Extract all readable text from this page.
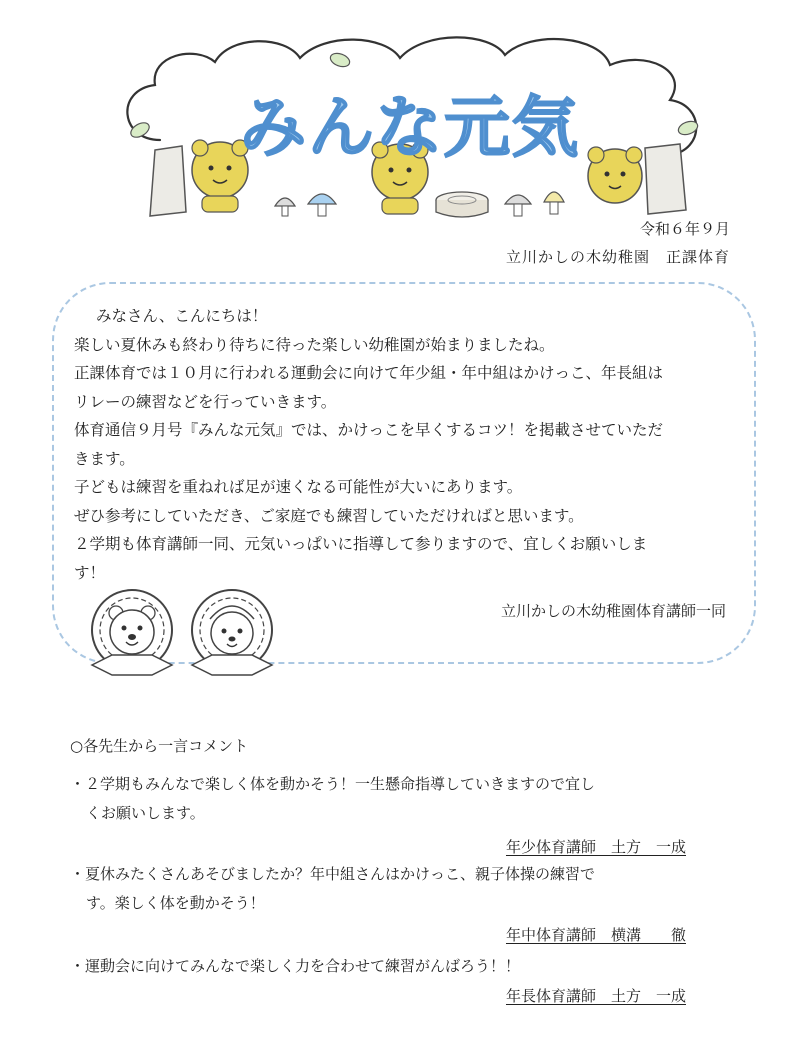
みんな元気
令和６年９月
立川かしの木幼稚園　正課体育

みなさん、こんにちは！

楽しい夏休みも終わり待ちに待った楽しい幼稚園が始まりましたね。

正課体育では１０月に行われる運動会に向けて年少組・年中組はかけっこ、年長組は

リレーの練習などを行っていきます。

体育通信９月号『みんな元気』では、かけっこを早くするコツ！を掲載させていただ

きます。

子どもは練習を重ねれば足が速くなる可能性が大いにあります。

ぜひ参考にしていただき、ご家庭でも練習していただければと思います。

２学期も体育講師一同、元気いっぱいに指導して参りますので、宜しくお願いしま

す！

立川かしの木幼稚園体育講師一同
○各先生から一言コメント
・２学期もみんなで楽しく体を動かそう！一生懸命指導していきますので宜し
くお願いします。
年少体育講師　土方　一成
・夏休みたくさんあそびましたか？年中組さんはかけっこ、親子体操の練習で
す。楽しく体を動かそう！
年中体育講師　横溝　　徹
・運動会に向けてみんなで楽しく力を合わせて練習がんばろう！！
年長体育講師　土方　一成
